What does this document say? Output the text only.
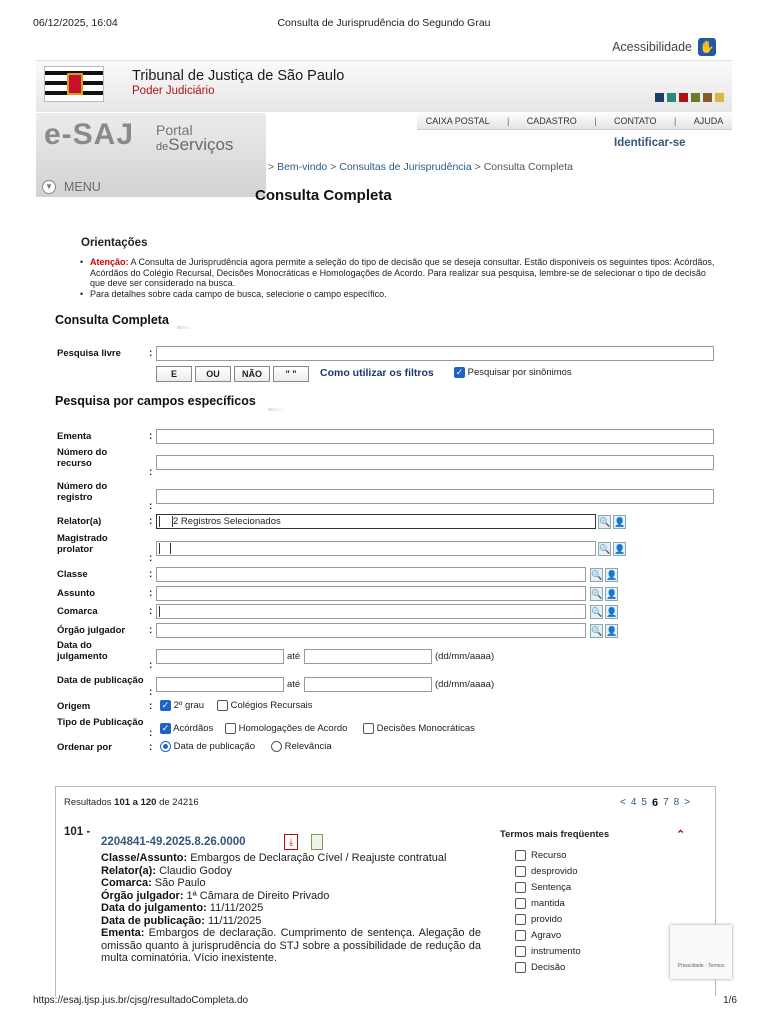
06/12/2025, 16:04	Consulta de Jurisprudência do Segundo Grau
Acessibilidade ✋
Tribunal de Justiça de São Paulo
Poder Judiciário
CAIXA POSTAL | CADASTRO | CONTATO | AJUDA
e-SAJ Portal
deServiços
▼ MENU
Identificar-se
> Bem-vindo > Consultas de Jurisprudência > Consulta Completa
Consulta Completa
Orientações
• Atenção: A Consulta de Jurisprudência agora permite a seleção do tipo de decisão que se deseja consultar. Estão disponíveis os seguintes tipos: Acórdãos, Acórdãos do Colégio Recursal, Decisões Monocráticas e Homologações de Acordo. Para realizar sua pesquisa, lembre-se de selecionar o tipo de decisão que deve ser considerado na busca.
• Para detalhes sobre cada campo de busca, selecione o campo específico.
Consulta Completa
Pesquisa livre	:
E	OU	NÃO	" "	Como utilizar os filtros ✓ Pesquisar por sinônimos
Pesquisa por campos específicos
Ementa	:
Número do
recurso
:
Número do
registro
:
Relator(a)	:	2 Registros Selecionados	🔍 👤
Magistrado
prolator
:
🔍 👤
Classe	:	🔍 👤
Assunto	:	🔍 👤
Comarca	:	🔍 👤
Órgão julgador :	🔍 👤
Data do
julgamento
:
até	(dd/mm/aaaa)
Data de publicação
:
até	(dd/mm/aaaa)
Origem	: ✓ 2º grau	Colégios Recursais
Tipo de Publicação
: ✓ Acórdãos	Homologações de Acordo	Decisões Monocráticas
Ordenar por	:	Data de publicação	Relevância
Resultados 101 a 120 de 24216	< 4 5 6 7 8 >
101 -
2204841-49.2025.8.26.0000	⤓
Classe/Assunto: Embargos de Declaração Cível / Reajuste contratual
Relator(a): Claudio Godoy
Comarca: São Paulo
Órgão julgador: 1ª Câmara de Direito Privado
Data do julgamento: 11/11/2025
Data de publicação: 11/11/2025
Ementa: Embargos de declaração. Cumprimento de sentença. Alegação de omissão quanto à jurisprudência do STJ sobre a possibilidade de redução da multa cominatória. Vício inexistente.
Termos mais freqüentes	⌃
Recurso
desprovido
Sentença
mantida
provido
Agravo
instrumento
Decisão	Privacidade - Termos
https://esaj.tjsp.jus.br/cjsg/resultadoCompleta.do	1/6
